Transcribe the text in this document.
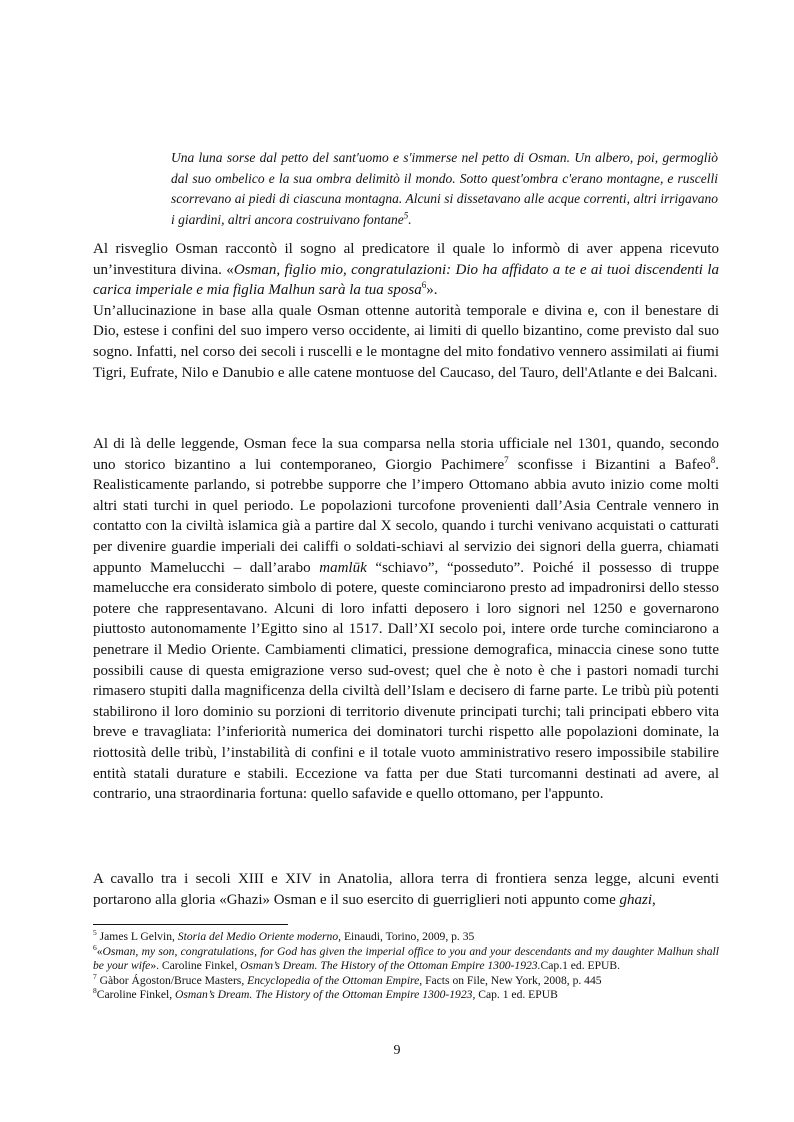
Una luna sorse dal petto del sant'uomo e s'immerse nel petto di Osman. Un albero, poi, germogliò dal suo ombelico e la sua ombra delimitò il mondo. Sotto quest'ombra c'erano montagne, e ruscelli scorrevano ai piedi di ciascuna montagna. Alcuni si dissetavano alle acque correnti, altri irrigavano i giardini, altri ancora costruivano fontane$^5$.

Al risveglio Osman raccontò il sogno al predicatore il quale lo informò di aver appena ricevuto un’investitura divina. «Osman, figlio mio, congratulazioni: Dio ha affidato a te e ai tuoi discendenti la carica imperiale e mia figlia Malhun sarà la tua sposa$^6$».

Un’allucinazione in base alla quale Osman ottenne autorità temporale e divina e, con il benestare di Dio, estese i confini del suo impero verso occidente, ai limiti di quello bizantino, come previsto dal suo sogno. Infatti, nel corso dei secoli i ruscelli e le montagne del mito fondativo vennero assimilati ai fiumi Tigri, Eufrate, Nilo e Danubio e alle catene montuose del Caucaso, del Tauro, dell'Atlante e dei Balcani.

Al di là delle leggende, Osman fece la sua comparsa nella storia ufficiale nel 1301, quando, secondo uno storico bizantino a lui contemporaneo, Giorgio Pachimere$^7$ sconfisse i Bizantini a Bafeo$^8$. Realisticamente parlando, si potrebbe supporre che l’impero Ottomano abbia avuto inizio come molti altri stati turchi in quel periodo. Le popolazioni turcofone provenienti dall’Asia Centrale vennero in contatto con la civiltà islamica già a partire dal X secolo, quando i turchi venivano acquistati o catturati per divenire guardie imperiali dei califfi o soldati-schiavi al servizio dei signori della guerra, chiamati appunto Mamelucchi – dall’arabo mamlūk “schiavo”, “posseduto”. Poiché il possesso di truppe mamelucche era considerato simbolo di potere, queste cominciarono presto ad impadronirsi dello stesso potere che rappresentavano. Alcuni di loro infatti deposero i loro signori nel 1250 e governarono piuttosto autonomamente l’Egitto sino al 1517. Dall’XI secolo poi, intere orde turche cominciarono a penetrare il Medio Oriente. Cambiamenti climatici, pressione demografica, minaccia cinese sono tutte possibili cause di questa emigrazione verso sud-ovest; quel che è noto è che i pastori nomadi turchi rimasero stupiti dalla magnificenza della civiltà dell’Islam e decisero di farne parte. Le tribù più potenti stabilirono il loro dominio su porzioni di territorio divenute principati turchi; tali principati ebbero vita breve e travagliata: l’inferiorità numerica dei dominatori turchi rispetto alle popolazioni dominate, la riottosità delle tribù, l’instabilità di confini e il totale vuoto amministrativo resero impossibile stabilire entità statali durature e stabili. Eccezione va fatta per due Stati turcomanni destinati ad avere, al contrario, una straordinaria fortuna: quello safavide e quello ottomano, per l'appunto.

A cavallo tra i secoli XIII e XIV in Anatolia, allora terra di frontiera senza legge, alcuni eventi portarono alla gloria «Ghazi» Osman e il suo esercito di guerriglieri noti appunto come ghazi,

$^5$ James L Gelvin, Storia del Medio Oriente moderno, Einaudi, Torino, 2009, p. 35

$^6$«Osman, my son, congratulations, for God has given the imperial office to you and your descendants and my daughter Malhun shall be your wife». Caroline Finkel, Osman’s Dream. The History of the Ottoman Empire 1300-1923.Cap.1 ed. EPUB.

$^7$ Gàbor Ágoston/Bruce Masters, Encyclopedia of the Ottoman Empire, Facts on File, New York, 2008, p. 445

$^8$Caroline Finkel, Osman’s Dream. The History of the Ottoman Empire 1300-1923, Cap. 1 ed. EPUB

9
